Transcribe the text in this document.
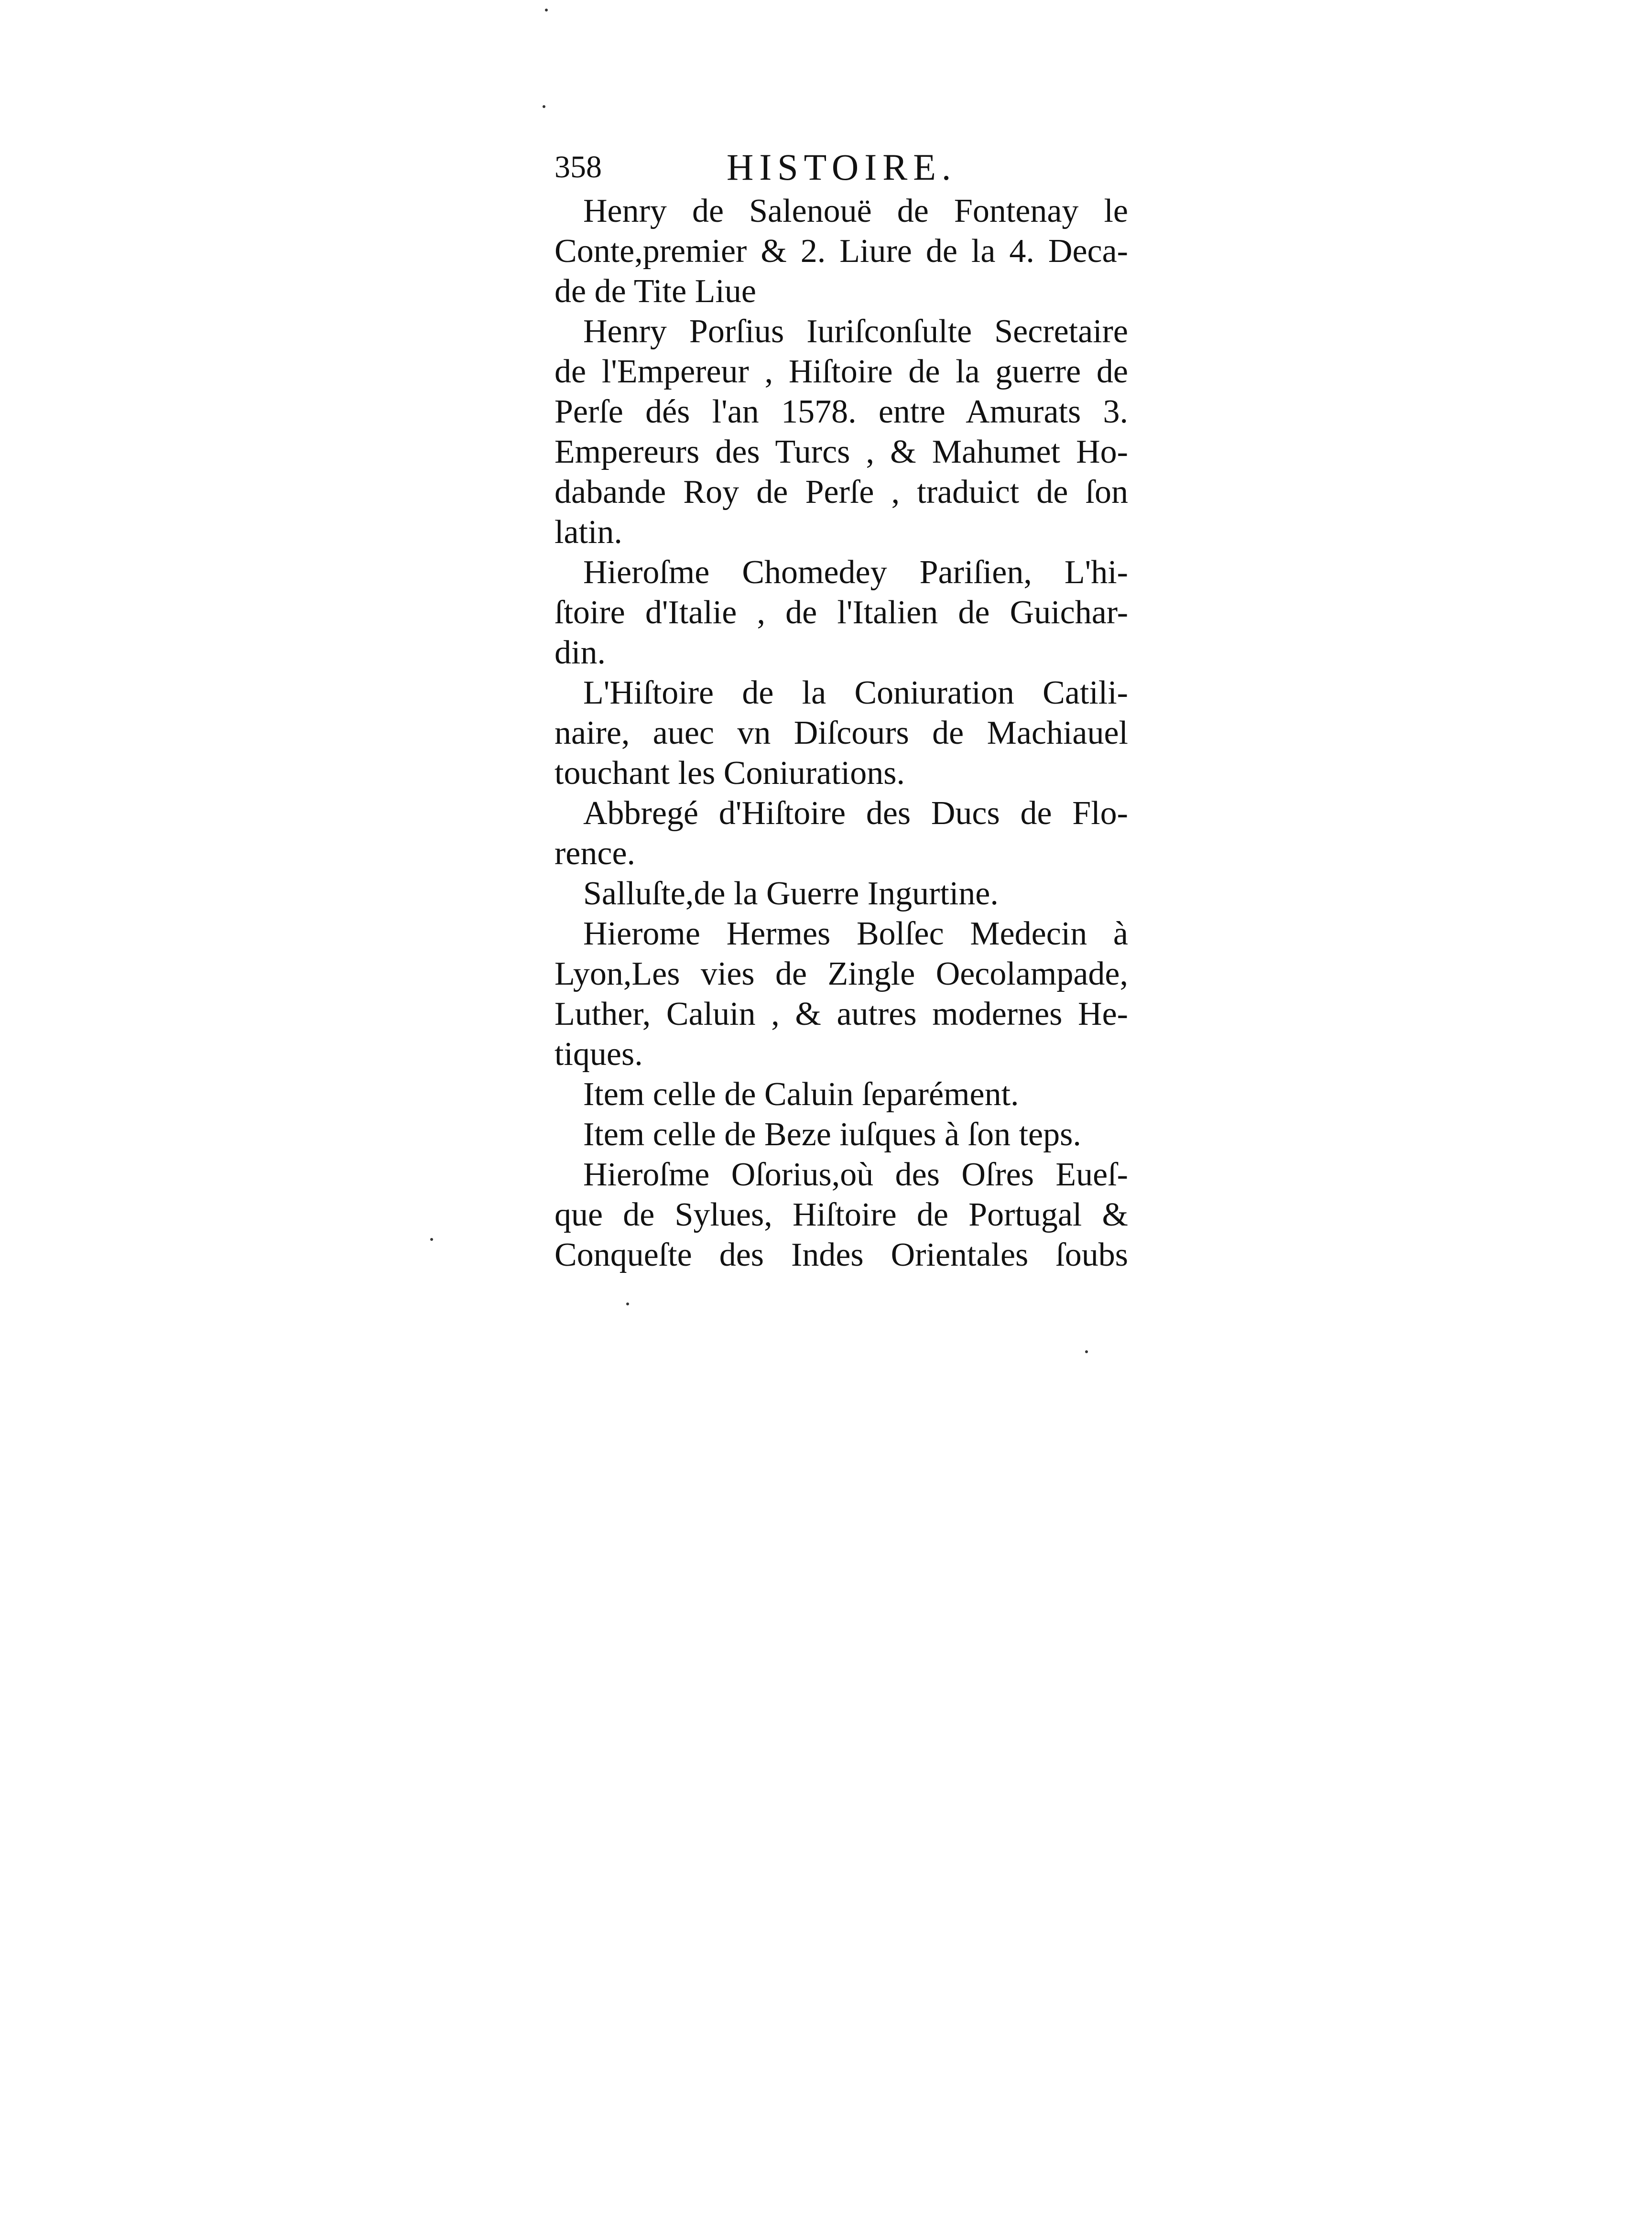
358	HISTOIRE.
Henry de Salenouë de Fontenay le
Conte,premier & 2. Liure de la 4. Deca-
de de Tite Liue
Henry Porſius Iuriſconſulte Secretaire
de l'Empereur , Hiſtoire de la guerre de
Perſe dés l'an 1578. entre Amurats 3.
Empereurs des Turcs , & Mahumet Ho-
dabande Roy de Perſe , traduict de ſon
latin.
Hieroſme Chomedey Pariſien, L'hi-
ſtoire d'Italie , de l'Italien de Guichar-
din.
L'Hiſtoire de la Coniuration Catili-
naire, auec vn Diſcours de Machiauel
touchant les Coniurations.
Abbregé d'Hiſtoire des Ducs de Flo-
rence.
Salluſte,de la Guerre Ingurtine.
Hierome Hermes Bolſec Medecin à
Lyon,Les vies de Zingle Oecolampade,
Luther, Caluin , & autres modernes He-
tiques.
Item celle de Caluin ſeparément.
Item celle de Beze iuſques à ſon teps.
Hieroſme Oſorius,où des Oſres Eueſ-
que de Sylues, Hiſtoire de Portugal &
Conqueſte des Indes Orientales ſoubs
